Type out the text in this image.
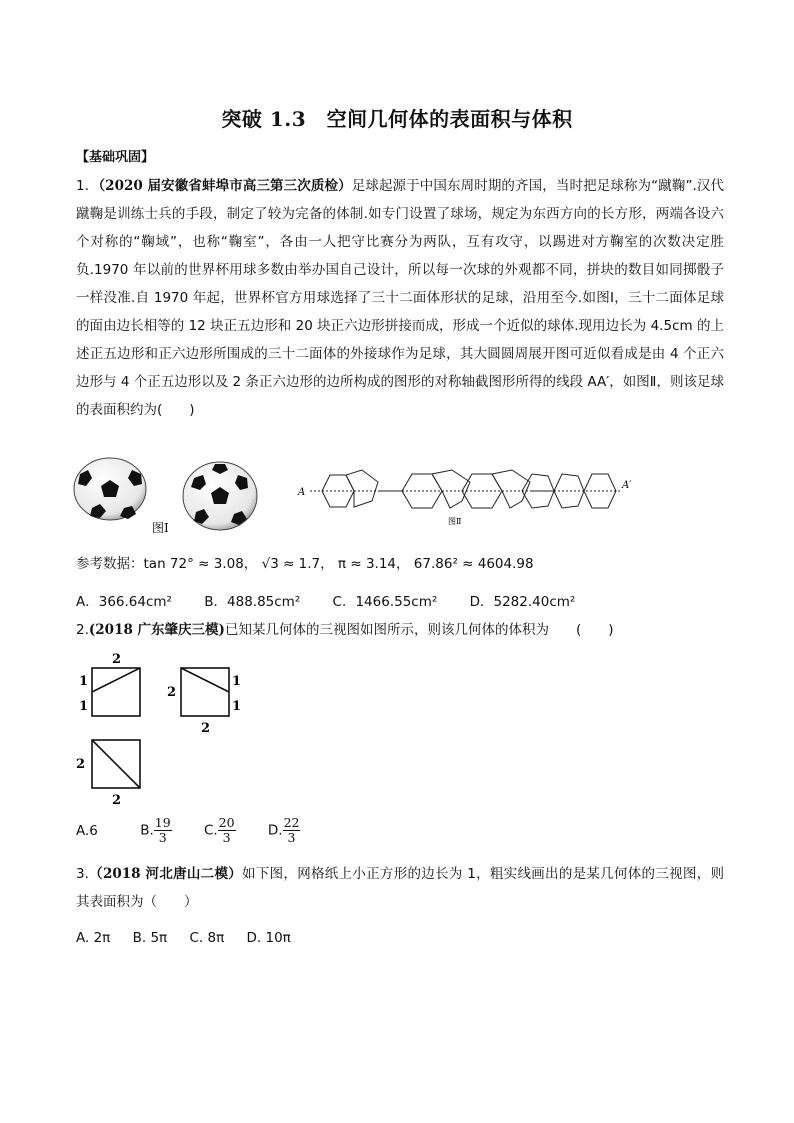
突破 1.3　空间几何体的表面积与体积
【基础巩固】
1．（2020 届安徽省蚌埠市高三第三次质检）足球起源于中国东周时期的齐国，当时把足球称为“蹴鞠”.汉代蹴鞠是训练士兵的手段，制定了较为完备的体制.如专门设置了球场，规定为东西方向的长方形，两端各设六个对称的“鞠域”，也称“鞠室”，各由一人把守比赛分为两队，互有攻守，以踢进对方鞠室的次数决定胜负.1970 年以前的世界杯用球多数由举办国自己设计，所以每一次球的外观都不同，拼块的数目如同掷骰子一样没准.自 1970 年起，世界杯官方用球选择了三十二面体形状的足球，沿用至今.如图Ⅰ，三十二面体足球的面由边长相等的 12 块正五边形和 20 块正六边形拼接而成，形成一个近似的球体.现用边长为 4.5cm 的上述正五边形和正六边形所围成的三十二面体的外接球作为足球，其大圆圆周展开图可近似看成是由 4 个正六边形与 4 个正五边形以及 2 条正六边形的边所构成的图形的对称轴截图形所得的线段 AA′，如图Ⅱ，则该足球的表面积约为(　　)
图Ⅰ
A
A′
图Ⅱ
参考数据：tan 72° ≈ 3.08， √3 ≈ 1.7， π ≈ 3.14， 67.86² ≈ 4604.98
A．366.64cm² B．488.85cm² C．1466.55cm² D．5282.40cm²
2.(2018 广东肇庆三模)已知某几何体的三视图如图所示，则该几何体的体积为　　(　　)
2
1
1
2
1
1
2
2
2
A.6	B. $\frac{19}{3} C$. $\frac{20}{3} D$. $\frac{22}{3}$
3.（2018 河北唐山二模）如下图，网格纸上小正方形的边长为 1，粗实线画出的是某几何体的三视图，则其表面积为（　　）
A. 2π B. 5π C. 8π D. 10π
